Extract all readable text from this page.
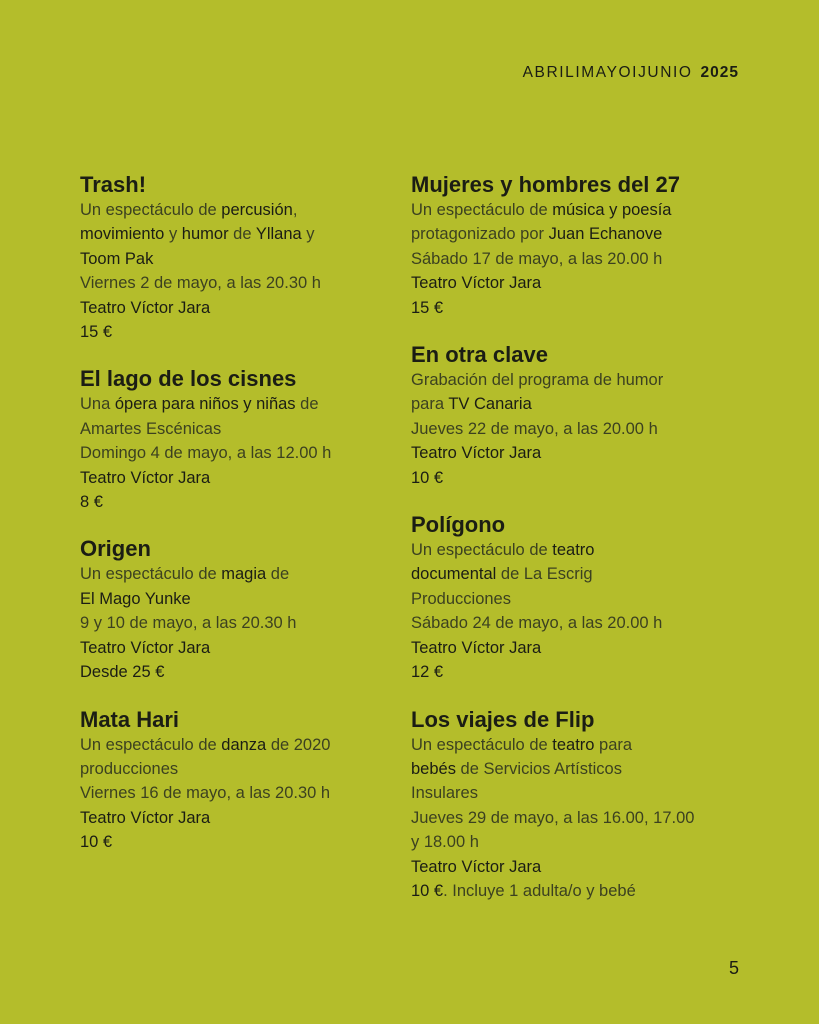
ABRILIMAYOIJUNIO 2025
Trash!
Un espectáculo de percusión,
movimiento y humor de Yllana y
Toom Pak
Viernes 2 de mayo, a las 20.30 h
Teatro Víctor Jara
15 €
El lago de los cisnes
Una ópera para niños y niñas de
Amartes Escénicas
Domingo 4 de mayo, a las 12.00 h
Teatro Víctor Jara
8 €
Origen
Un espectáculo de magia de
El Mago Yunke
9 y 10 de mayo, a las 20.30 h
Teatro Víctor Jara
Desde 25 €
Mata Hari
Un espectáculo de danza de 2020
producciones
Viernes 16 de mayo, a las 20.30 h
Teatro Víctor Jara
10 €
Mujeres y hombres del 27
Un espectáculo de música y poesía
protagonizado por Juan Echanove
Sábado 17 de mayo, a las 20.00 h
Teatro Víctor Jara
15 €
En otra clave
Grabación del programa de humor
para TV Canaria
Jueves 22 de mayo, a las 20.00 h
Teatro Víctor Jara
10 €
Polígono
Un espectáculo de teatro
documental de La Escrig
Producciones
Sábado 24 de mayo, a las 20.00 h
Teatro Víctor Jara
12 €
Los viajes de Flip
Un espectáculo de teatro para
bebés de Servicios Artísticos
Insulares
Jueves 29 de mayo, a las 16.00, 17.00
y 18.00 h
Teatro Víctor Jara
10 €. Incluye 1 adulta/o y bebé
5
